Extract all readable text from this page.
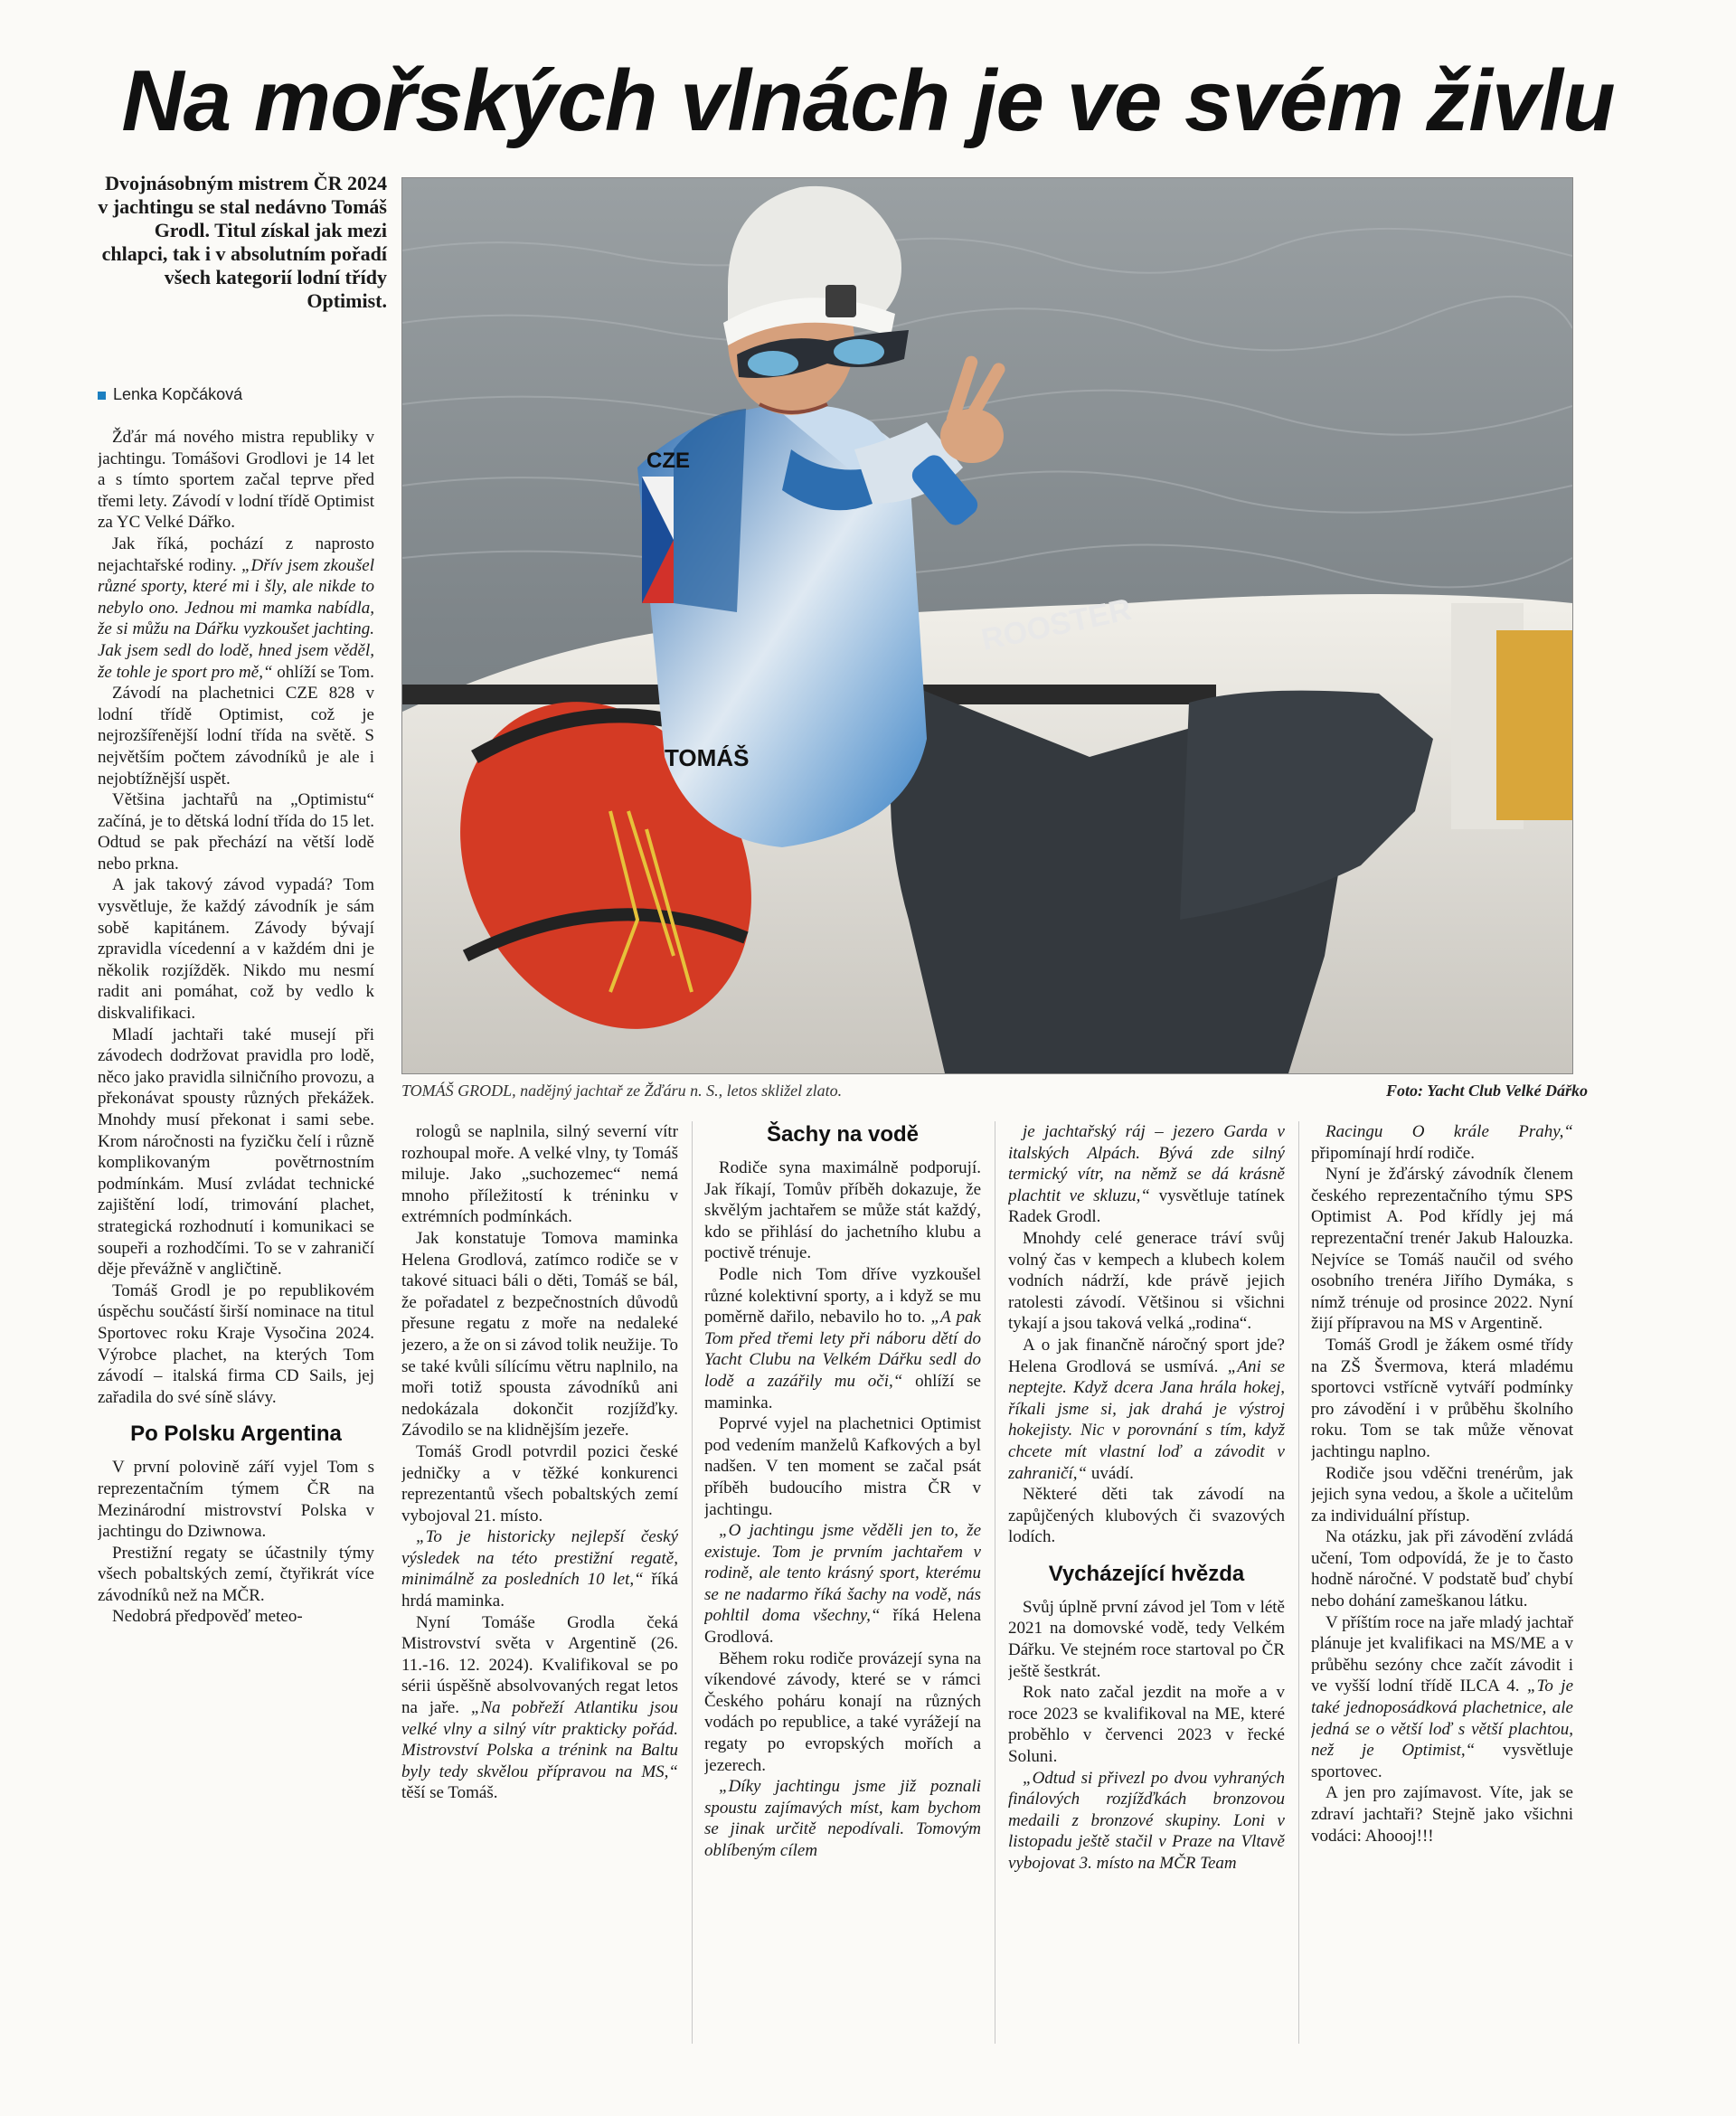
Na mořských vlnách je ve svém živlu

Dvojnásobným mistrem ČR 2024 v jachtingu se stal nedávno Tomáš Grodl. Titul získal jak mezi chlapci, tak i v absolutním pořadí všech kategorií lodní třídy Optimist.

Lenka Kopčáková
ROOSTER
CZE
TOMÁŠ
TOMÁŠ GRODL, nadějný jachtař ze Žďáru n. S., letos skližel zlato.	Foto: Yacht Club Velké Dářko

Žďár má nového mistra republiky v jachtingu. Tomášovi Grodlovi je 14 let a s tímto sportem začal teprve před třemi lety. Závodí v lodní třídě Optimist za YC Velké Dářko.

Jak říká, pochází z naprosto nejachtařské rodiny. „Dřív jsem zkoušel různé sporty, které mi i šly, ale nikde to nebylo ono. Jednou mi mamka nabídla, že si můžu na Dářku vyzkoušet jachting. Jak jsem sedl do lodě, hned jsem věděl, že tohle je sport pro mě,“ ohlíží se Tom.

Závodí na plachetnici CZE 828 v lodní třídě Optimist, což je nejrozšířenější lodní třída na světě. S největším počtem závodníků je ale i nejobtížnější uspět.

Většina jachtařů na „Optimistu“ začíná, je to dětská lodní třída do 15 let. Odtud se pak přechází na větší lodě nebo prkna.

A jak takový závod vypadá? Tom vysvětluje, že každý závodník je sám sobě kapitánem. Závody bývají zpravidla vícedenní a v každém dni je několik rozjížděk. Nikdo mu nesmí radit ani pomáhat, což by vedlo k diskvalifikaci.

Mladí jachtaři také musejí při závodech dodržovat pravidla pro lodě, něco jako pravidla silničního provozu, a překonávat spousty různých překážek. Mnohdy musí překonat i sami sebe. Krom náročnosti na fyzičku čelí i různě komplikovaným povětrnostním podmínkám. Musí zvládat technické zajištění lodí, trimování plachet, strategická rozhodnutí i komunikaci se soupeři a rozhodčími. To se v zahraničí děje převážně v angličtině.

Tomáš Grodl je po republikovém úspěchu součástí širší nominace na titul Sportovec roku Kraje Vysočina 2024. Výrobce plachet, na kterých Tom závodí – italská firma CD Sails, jej zařadila do své síně slávy.

Po Polsku Argentina

V první polovině září vyjel Tom s reprezentačním týmem ČR na Mezinárodní mistrovství Polska v jachtingu do Dziwnowa.

Prestižní regaty se účastnily týmy všech pobaltských zemí, čtyřikrát více závodníků než na MČR.

Nedobrá předpověď meteo-

rologů se naplnila, silný severní vítr rozhoupal moře. A velké vlny, ty Tomáš miluje. Jako „suchozemec“ nemá mnoho příležitostí k tréninku v extrémních podmínkách.

Jak konstatuje Tomova maminka Helena Grodlová, zatímco rodiče se v takové situaci báli o děti, Tomáš se bál, že pořadatel z bezpečnostních důvodů přesune regatu z moře na nedaleké jezero, a že on si závod tolik neužije. To se také kvůli sílícímu větru naplnilo, na moři totiž spousta závodníků ani nedokázala dokončit rozjížďky. Závodilo se na klidnějším jezeře.

Tomáš Grodl potvrdil pozici české jedničky a v těžké konkurenci reprezentantů všech pobaltských zemí vybojoval 21. místo.

„To je historicky nejlepší český výsledek na této prestižní regatě, minimálně za posledních 10 let,“ říká hrdá maminka.

Nyní Tomáše Grodla čeká Mistrovství světa v Argentině (26. 11.-16. 12. 2024). Kvalifikoval se po sérii úspěšně absolvovaných regat letos na jaře. „Na pobřeží Atlantiku jsou velké vlny a silný vítr prakticky pořád. Mistrovství Polska a trénink na Baltu byly tedy skvělou přípravou na MS,“ těší se Tomáš.

Šachy na vodě

Rodiče syna maximálně podporují. Jak říkají, Tomův příběh dokazuje, že skvělým jachtařem se může stát každý, kdo se přihlásí do jachetního klubu a poctivě trénuje.

Podle nich Tom dříve vyzkoušel různé kolektivní sporty, a i když se mu poměrně dařilo, nebavilo ho to. „A pak Tom před třemi lety při náboru dětí do Yacht Clubu na Velkém Dářku sedl do lodě a zazářily mu oči,“ ohlíží se maminka.

Poprvé vyjel na plachetnici Optimist pod vedením manželů Kafkových a byl nadšen. V ten moment se začal psát příběh budoucího mistra ČR v jachtingu.

„O jachtingu jsme věděli jen to, že existuje. Tom je prvním jachtařem v rodině, ale tento krásný sport, kterému se ne nadarmo říká šachy na vodě, nás pohltil doma všechny,“ říká Helena Grodlová.

Během roku rodiče provázejí syna na víkendové závody, které se v rámci Českého poháru konají na různých vodách po republice, a také vyrážejí na regaty po evropských mořích a jezerech.

„Díky jachtingu jsme již poznali spoustu zajímavých míst, kam bychom se jinak určitě nepodívali. Tomovým oblíbeným cílem

je jachtařský ráj – jezero Garda v italských Alpách. Bývá zde silný termický vítr, na němž se dá krásně plachtit ve skluzu,“ vysvětluje tatínek Radek Grodl.

Mnohdy celé generace tráví svůj volný čas v kempech a klubech kolem vodních nádrží, kde právě jejich ratolesti závodí. Většinou si všichni tykají a jsou taková velká „rodina“.

A o jak finančně náročný sport jde? Helena Grodlová se usmívá. „Ani se neptejte. Když dcera Jana hrála hokej, říkali jsme si, jak drahá je výstroj hokejisty. Nic v porovnání s tím, když chcete mít vlastní loď a závodit v zahraničí,“ uvádí.

Některé děti tak závodí na zapůjčených klubových či svazových lodích.

Vycházející hvězda

Svůj úplně první závod jel Tom v létě 2021 na domovské vodě, tedy Velkém Dářku. Ve stejném roce startoval po ČR ještě šestkrát.

Rok nato začal jezdit na moře a v roce 2023 se kvalifikoval na ME, které proběhlo v červenci 2023 v řecké Soluni.

„Odtud si přivezl po dvou vyhraných finálových rozjížďkách bronzovou medaili z bronzové skupiny. Loni v listopadu ještě stačil v Praze na Vltavě vybojovat 3. místo na MČR Team

Racingu O krále Prahy,“ připomínají hrdí rodiče.

Nyní je žďárský závodník členem českého reprezentačního týmu SPS Optimist A. Pod křídly jej má reprezentační trenér Jakub Halouzka. Nejvíce se Tomáš naučil od svého osobního trenéra Jiřího Dymáka, s nímž trénuje od prosince 2022. Nyní žijí přípravou na MS v Argentině.

Tomáš Grodl je žákem osmé třídy na ZŠ Švermova, která mladému sportovci vstřícně vytváří podmínky pro závodění i v průběhu školního roku. Tom se tak může věnovat jachtingu naplno.

Rodiče jsou vděčni trenérům, jak jejich syna vedou, a škole a učitelům za individuální přístup.

Na otázku, jak při závodění zvládá učení, Tom odpovídá, že je to často hodně náročné. V podstatě buď chybí nebo dohání zameškanou látku.

V příštím roce na jaře mladý jachtař plánuje jet kvalifikaci na MS/ME a v průběhu sezóny chce začít závodit i ve vyšší lodní třídě ILCA 4. „To je také jednoposádková plachetnice, ale jedná se o větší loď s větší plachtou, než je Optimist,“ vysvětluje sportovec.

A jen pro zajímavost. Víte, jak se zdraví jachtaři? Stejně jako všichni vodáci: Ahoooj!!!
